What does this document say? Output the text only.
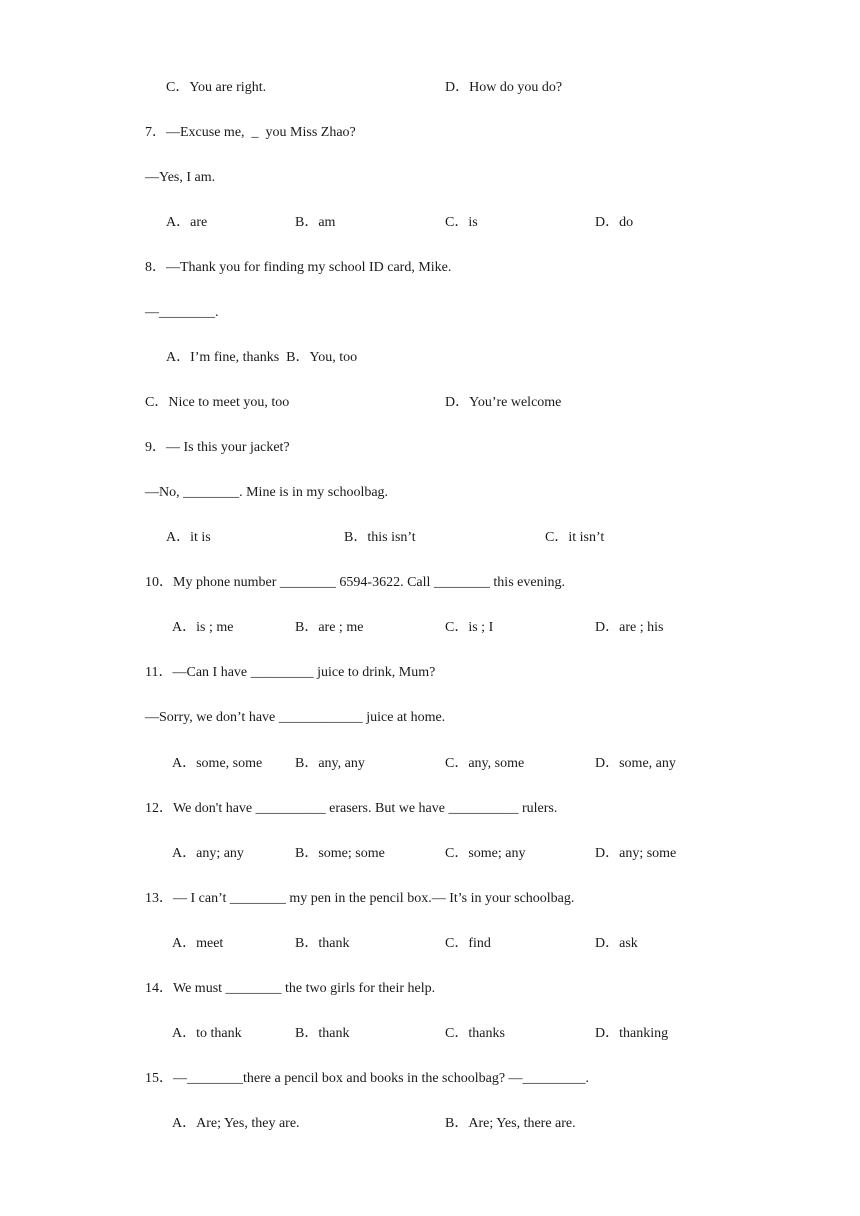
C．You are right.	D．How do you do?
7．—Excuse me,  _  you Miss Zhao?
—Yes, I am.
A．are	B．am	C．is	D．do
8．—Thank you for finding my school ID card, Mike.
—________.
A．I’m fine, thanks  B．You, too
C．Nice to meet you, too	D．You’re welcome
9．— Is this your jacket?
—No, ________. Mine is in my schoolbag.
A．it is	B．this isn’t	C．it isn’t
10．My phone number ________ 6594-3622. Call ________ this evening.
A．is ; me	B．are ; me	C．is ; I	D．are ; his
11．—Can I have _________ juice to drink, Mum?
—Sorry, we don’t have ____________ juice at home.
A．some, some B．any, any	C．any, some	D．some, any
12．We don't have __________ erasers. But we have __________ rulers.
A．any; any	B．some; some	C．some; any	D．any; some
13．— I can’t ________ my pen in the pencil box.— It’s in your schoolbag.
A．meet	B．thank	C．find	D．ask
14．We must ________ the two girls for their help.
A．to thank	B．thank	C．thanks	D．thanking
15．—________there a pencil box and books in the schoolbag? —_________.
A．Are; Yes, they are.	B．Are; Yes, there are.
